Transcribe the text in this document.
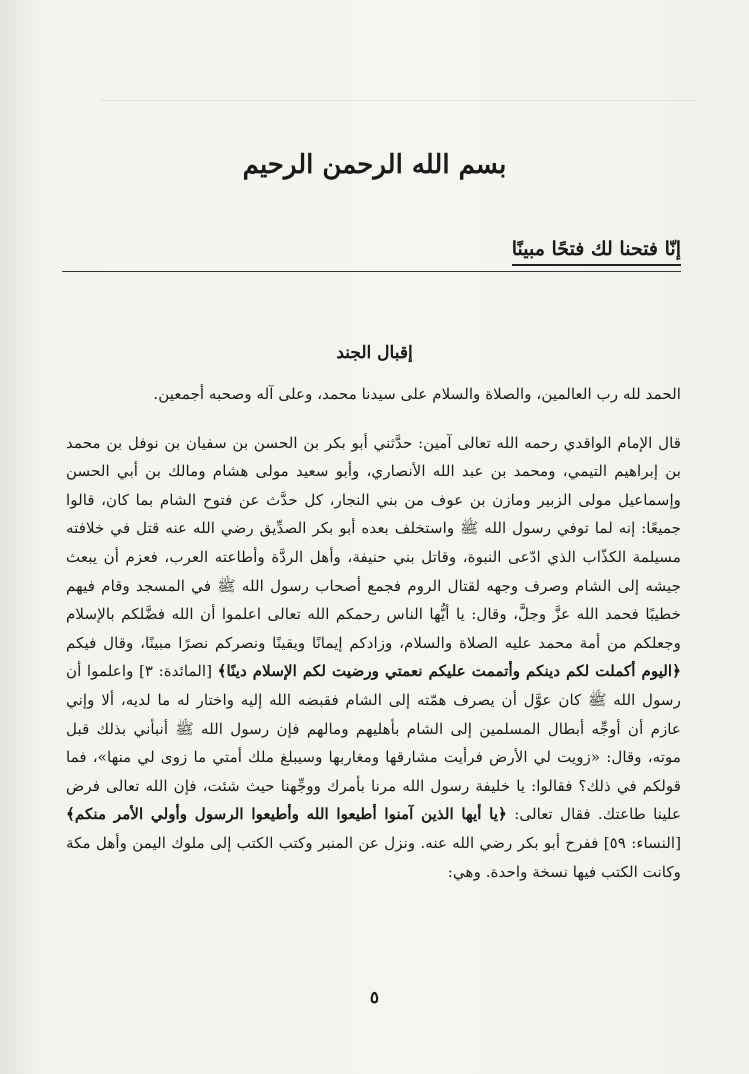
بسم الله الرحمن الرحيم
إنّا فتحنا لك فتحًا مبينًا
إقبال الجند

الحمد لله رب العالمين، والصلاة والسلام على سيدنا محمد، وعلى آله وصحبه أجمعين.

قال الإمام الواقدي رحمه الله تعالى آمين: حدَّثني أبو بكر بن الحسن بن سفيان بن نوفل بن محمد بن إبراهيم التيمي، ومحمد بن عبد الله الأنصاري، وأبو سعيد مولى هشام ومالك بن أبي الحسن وإسماعيل مولى الزبير ومازن بن عوف من بني النجار، كل حدَّث عن فتوح الشام بما كان، قالوا جميعًا: إنه لما توفي رسول الله ﷺ واستخلف بعده أبو بكر الصدِّيق رضي الله عنه قتل في خلافته مسيلمة الكذّاب الذي ادّعى النبوة، وقاتل بني حنيفة، وأهل الردَّة وأطاعته العرب، فعزم أن يبعث جيشه إلى الشام وصرف وجهه لقتال الروم فجمع أصحاب رسول الله ﷺ في المسجد وقام فيهم خطيبًا فحمد الله عزَّ وجلَّ، وقال: يا أيُّها الناس رحمكم الله تعالى اعلموا أن الله فضَّلكم بالإسلام وجعلكم من أمة محمد عليه الصلاة والسلام، وزادكم إيمانًا ويقينًا ونصركم نصرًا مبينًا، وقال فيكم ﴿اليوم أكملت لكم دينكم وأتممت عليكم نعمتي ورضيت لكم الإسلام دينًا﴾ [المائدة: ٣] واعلموا أن رسول الله ﷺ كان عوَّل أن يصرف همّته إلى الشام فقبضه الله إليه واختار له ما لديه، ألا وإني عازم أن أوجِّه أبطال المسلمين إلى الشام بأهليهم ومالهم فإن رسول الله ﷺ أنبأني بذلك قبل موته، وقال: «زويت لي الأرض فرأيت مشارقها ومغاربها وسيبلغ ملك أمتي ما زوى لي منها»، فما قولكم في ذلك؟ فقالوا: يا خليفة رسول الله مرنا بأمرك ووجِّهنا حيث شئت، فإن الله تعالى فرض علينا طاعتك. فقال تعالى: ﴿يا أيها الذين آمنوا أطيعوا الله وأطيعوا الرسول وأولي الأمر منكم﴾ [النساء: ٥٩] ففرح أبو بكر رضي الله عنه. ونزل عن المنبر وكتب الكتب إلى ملوك اليمن وأهل مكة وكانت الكتب فيها نسخة واحدة. وهي:

٥
